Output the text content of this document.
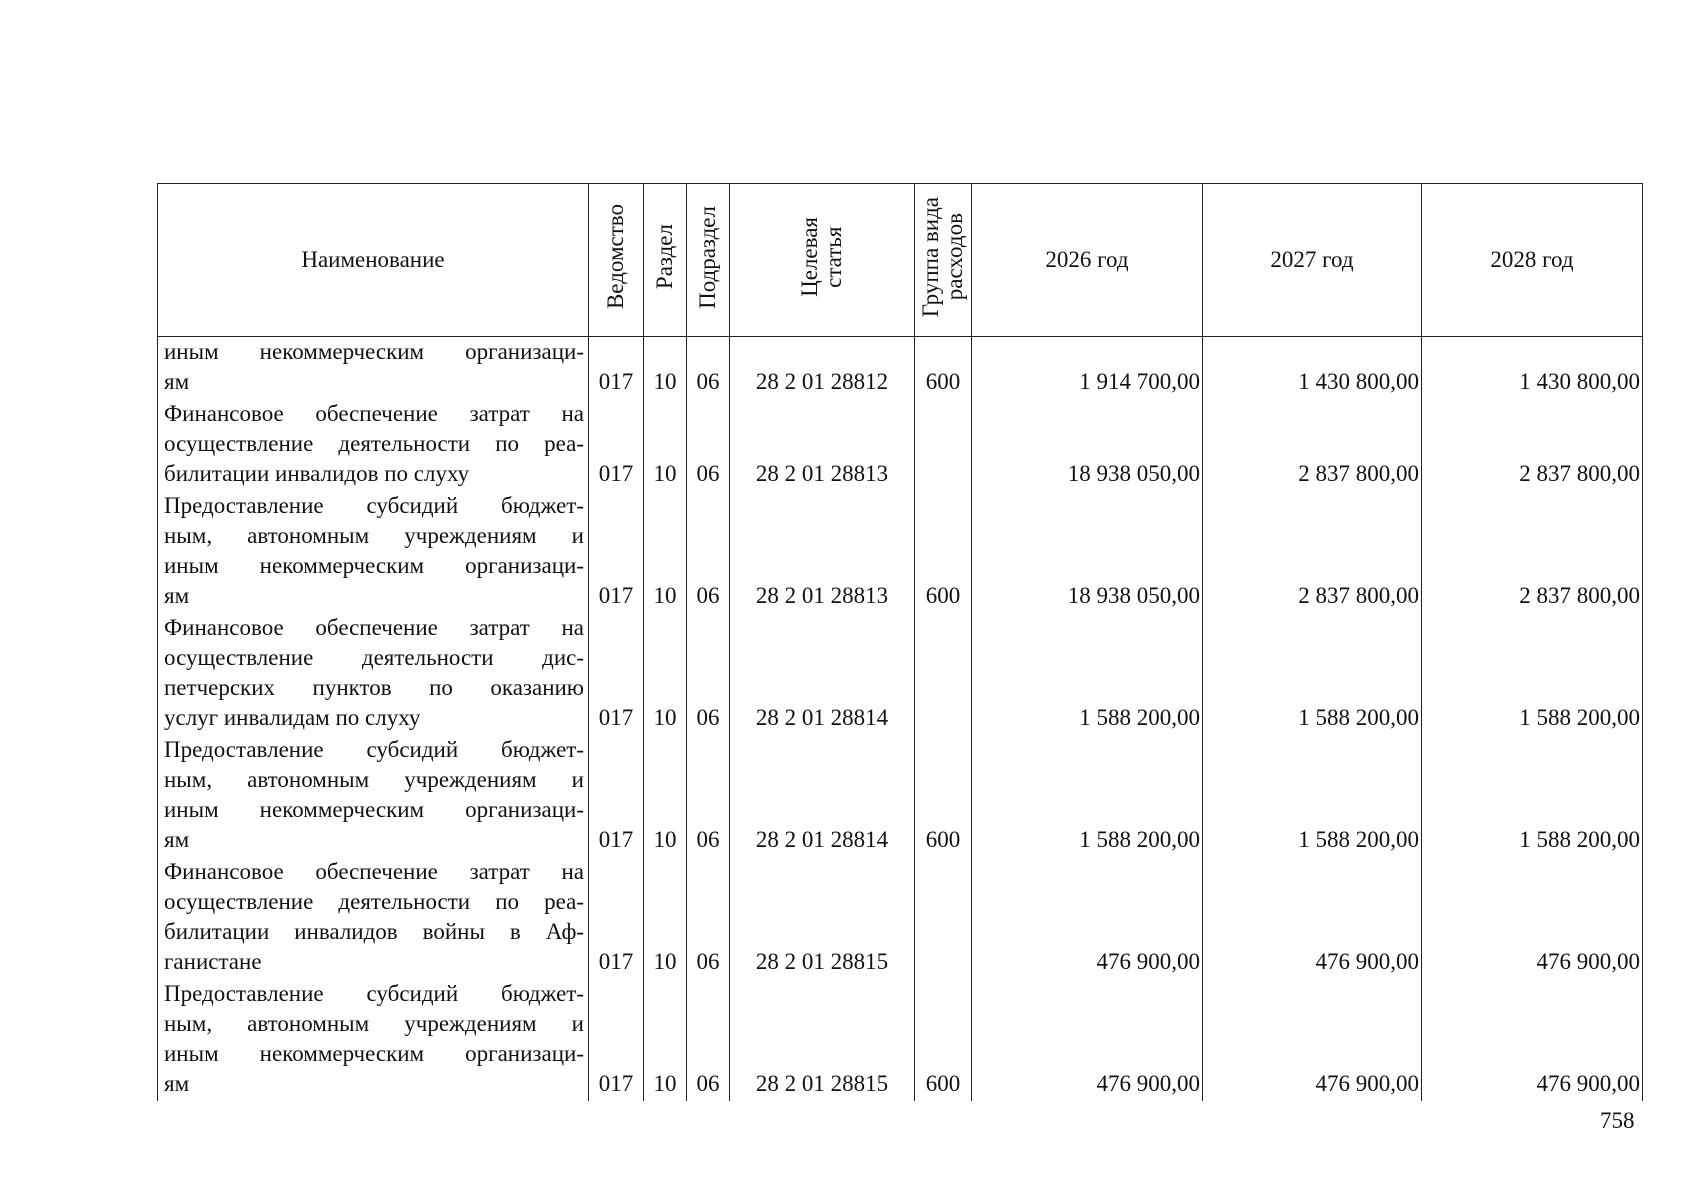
Наименование	Ведомство	Раздел	Подраздел	Целевая статья	Группа вида расходов	2026 год	2027 год	2028 год

иным некоммерческим организаци-
ям	017	10	06	28 2 01 28812	600	1 914 700,00	1 430 800,00	1 430 800,00

Финансовое обеспечение затрат на
осуществление деятельности по реа-
билитации инвалидов по слуху	017	10	06	28 2 01 28813		18 938 050,00	2 837 800,00	2 837 800,00

Предоставление субсидий бюджет-
ным, автономным учреждениям и
иным некоммерческим организаци-
ям	017	10	06	28 2 01 28813	600	18 938 050,00	2 837 800,00	2 837 800,00

Финансовое обеспечение затрат на
осуществление деятельности дис-
петчерских пунктов по оказанию
услуг инвалидам по слуху	017	10	06	28 2 01 28814		1 588 200,00	1 588 200,00	1 588 200,00

Предоставление субсидий бюджет-
ным, автономным учреждениям и
иным некоммерческим организаци-
ям	017	10	06	28 2 01 28814	600	1 588 200,00	1 588 200,00	1 588 200,00

Финансовое обеспечение затрат на
осуществление деятельности по реа-
билитации инвалидов войны в Аф-
ганистане	017	10	06	28 2 01 28815		476 900,00	476 900,00	476 900,00

Предоставление субсидий бюджет-
ным, автономным учреждениям и
иным некоммерческим организаци-
ям	017	10	06	28 2 01 28815	600	476 900,00	476 900,00	476 900,00
758
